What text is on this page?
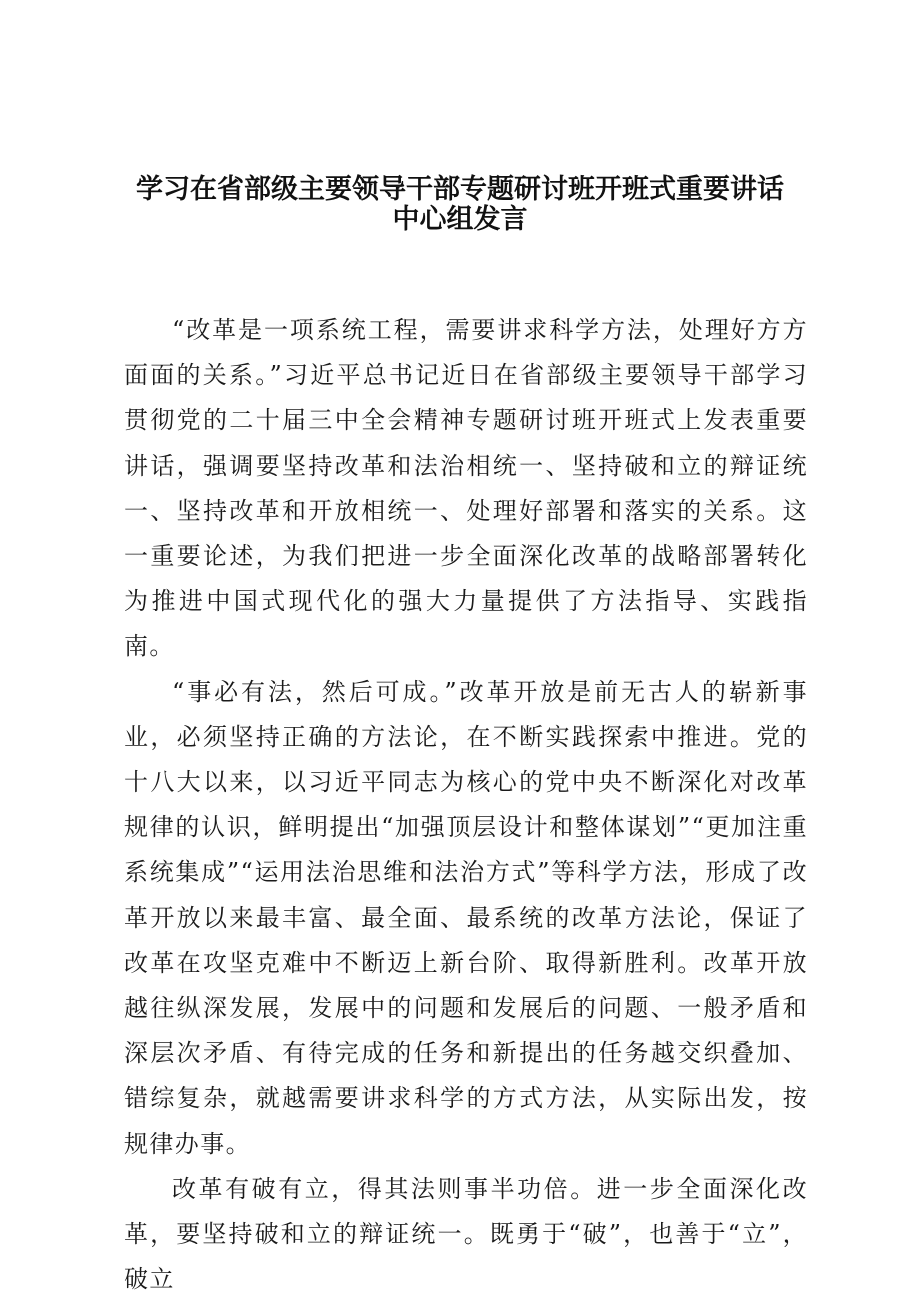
学习在省部级主要领导干部专题研讨班开班式重要讲话
中心组发言

“改革是一项系统工程，需要讲求科学方法，处理好方方面面的关系。”习近平总书记近日在省部级主要领导干部学习贯彻党的二十届三中全会精神专题研讨班开班式上发表重要讲话，强调要坚持改革和法治相统一、坚持破和立的辩证统一、坚持改革和开放相统一、处理好部署和落实的关系。这一重要论述，为我们把进一步全面深化改革的战略部署转化为推进中国式现代化的强大力量提供了方法指导、实践指南。

“事必有法，然后可成。”改革开放是前无古人的崭新事业，必须坚持正确的方法论，在不断实践探索中推进。党的十八大以来，以习近平同志为核心的党中央不断深化对改革规律的认识，鲜明提出“加强顶层设计和整体谋划”“更加注重系统集成”“运用法治思维和法治方式”等科学方法，形成了改革开放以来最丰富、最全面、最系统的改革方法论，保证了改革在攻坚克难中不断迈上新台阶、取得新胜利。改革开放越往纵深发展，发展中的问题和发展后的问题、一般矛盾和深层次矛盾、有待完成的任务和新提出的任务越交织叠加、错综复杂，就越需要讲求科学的方式方法，从实际出发，按规律办事。

改革有破有立，得其法则事半功倍。进一步全面深化改革，要坚持破和立的辩证统一。既勇于“破”，也善于“立”，破立
